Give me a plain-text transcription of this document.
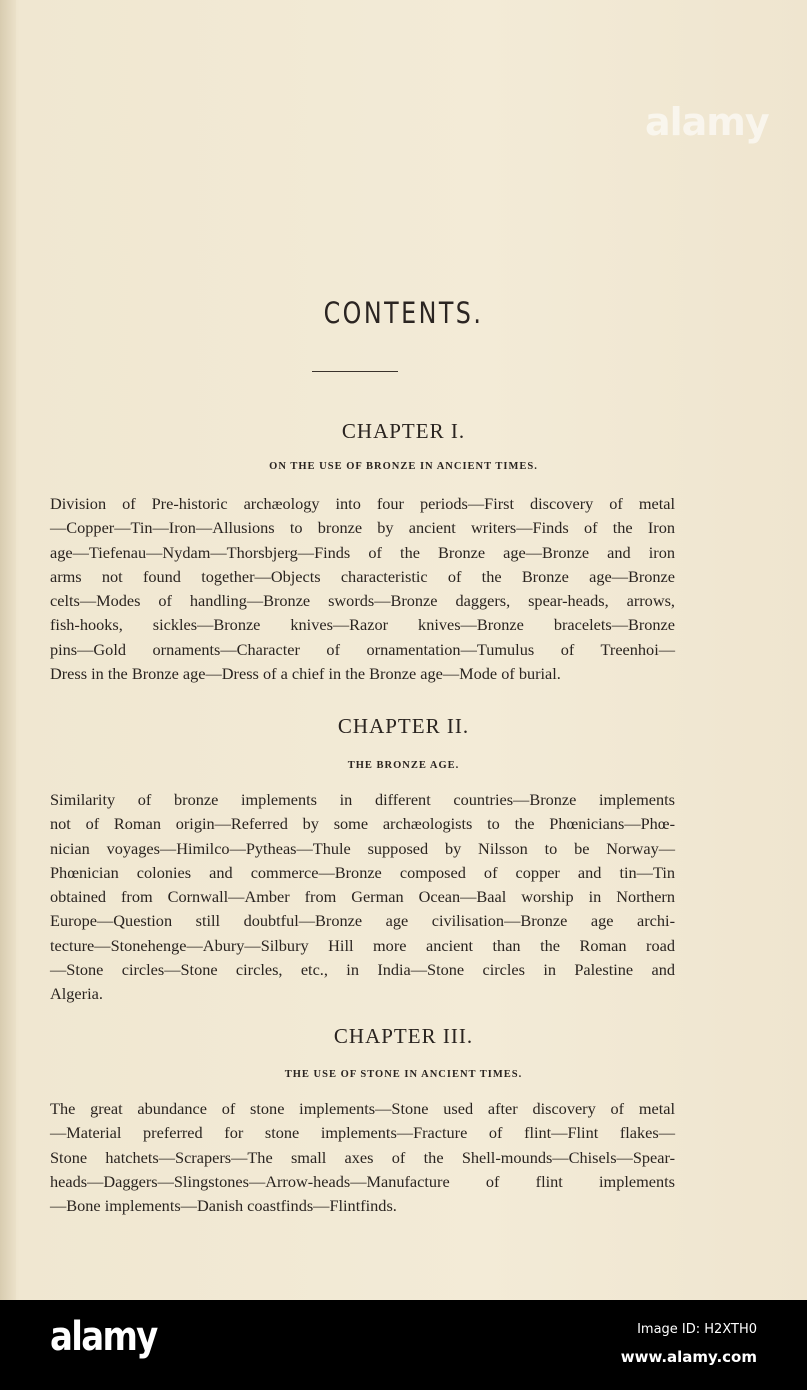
alamy
CONTENTS.
CHAPTER I.
ON THE USE OF BRONZE IN ANCIENT TIMES.
Division of Pre-historic archæology into four periods—First discovery of metal
—Copper—Tin—Iron—Allusions to bronze by ancient writers—Finds of the Iron
age—Tiefenau—Nydam—Thorsbjerg—Finds of the Bronze age—Bronze and iron
arms not found together—Objects characteristic of the Bronze age—Bronze
celts—Modes of handling—Bronze swords—Bronze daggers, spear-heads, arrows,
fish-hooks, sickles—Bronze knives—Razor knives—Bronze bracelets—Bronze
pins—Gold ornaments—Character of ornamentation—Tumulus of Treenhoi—
Dress in the Bronze age—Dress of a chief in the Bronze age—Mode of burial.
CHAPTER II.
THE BRONZE AGE.
Similarity of bronze implements in different countries—Bronze implements
not of Roman origin—Referred by some archæologists to the Phœnicians—Phœ-
nician voyages—Himilco—Pytheas—Thule supposed by Nilsson to be Norway—
Phœnician colonies and commerce—Bronze composed of copper and tin—Tin
obtained from Cornwall—Amber from German Ocean—Baal worship in Northern
Europe—Question still doubtful—Bronze age civilisation—Bronze age archi-
tecture—Stonehenge—Abury—Silbury Hill more ancient than the Roman road
—Stone circles—Stone circles, etc., in India—Stone circles in Palestine and
Algeria.
CHAPTER III.
THE USE OF STONE IN ANCIENT TIMES.
The great abundance of stone implements—Stone used after discovery of metal
—Material preferred for stone implements—Fracture of flint—Flint flakes—
Stone hatchets—Scrapers—The small axes of the Shell-mounds—Chisels—Spear-
heads—Daggers—Slingstones—Arrow-heads—Manufacture of flint implements
—Bone implements—Danish coastfinds—Flintfinds.
alamy	Image ID: H2XTH0
www.alamy.com
